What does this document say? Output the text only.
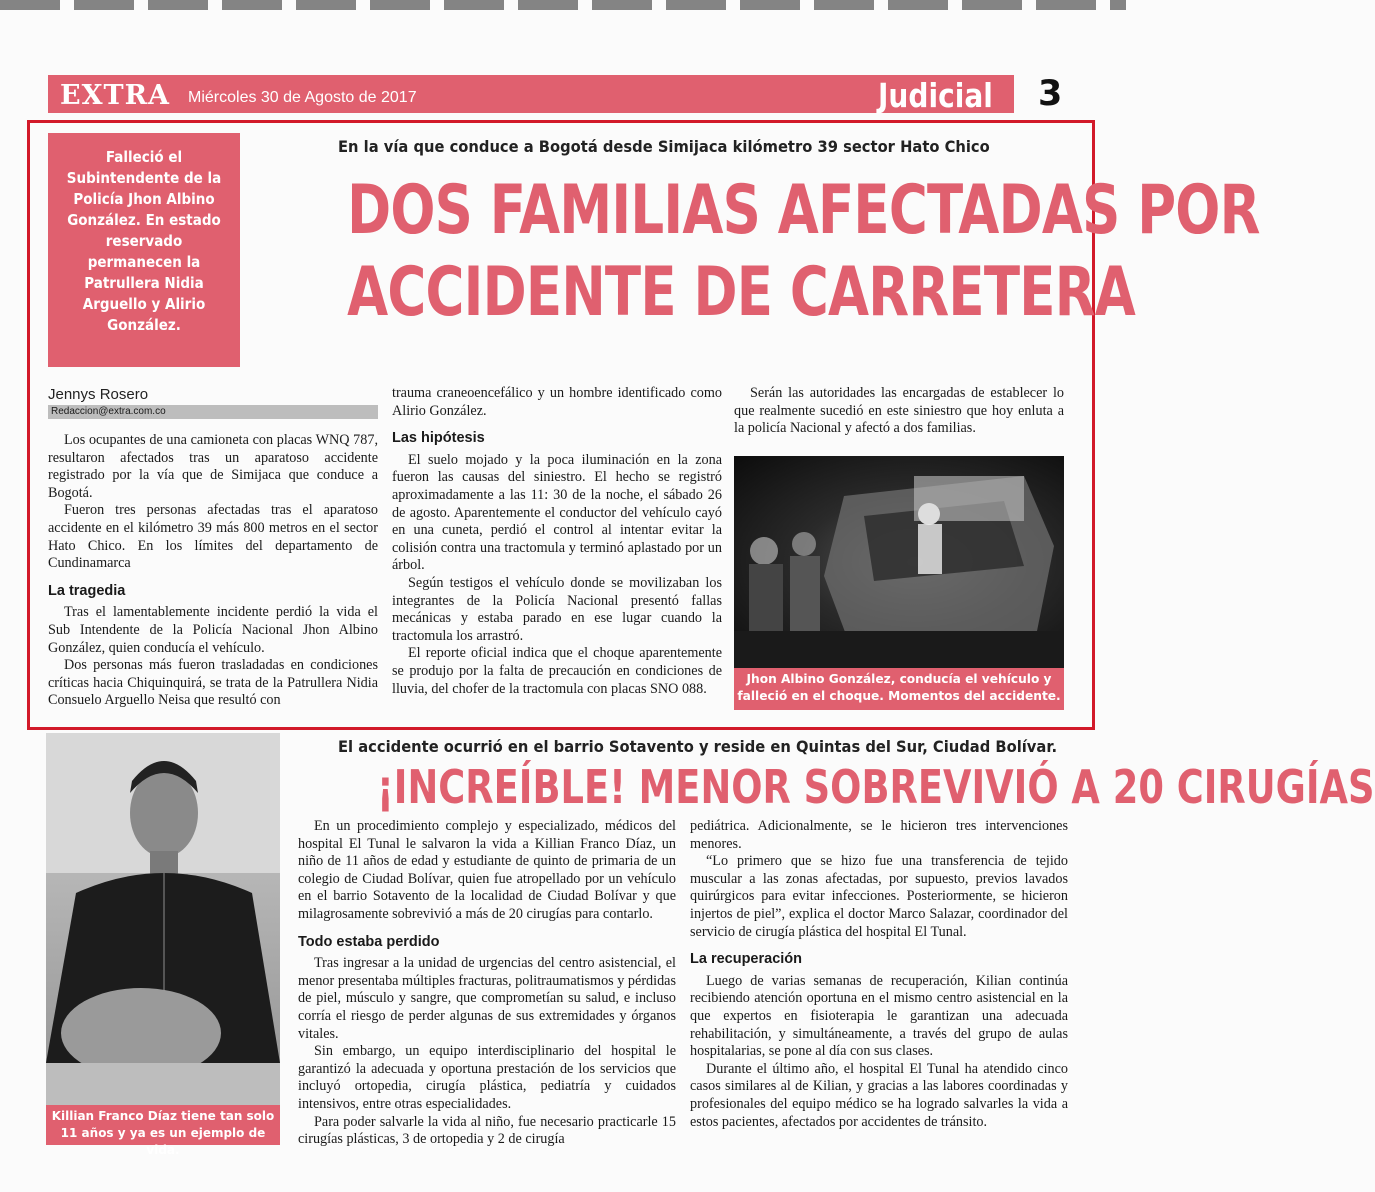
EXTRA Miércoles 30 de Agosto de 2017	Judicial 3
Falleció el Subintendente de la Policía Jhon Albino González. En estado reservado permanecen la Patrullera Nidia Arguello y Alirio González.
En la vía que conduce a Bogotá desde Simijaca kilómetro 39 sector Hato Chico
DOS FAMILIAS AFECTADAS POR
ACCIDENTE DE CARRETERA
Jennys Rosero
Redaccion@extra.com.co

Los ocupantes de una camioneta con placas WNQ 787, resultaron afectados tras un aparatoso accidente registrado por la vía que de Simijaca que conduce a Bogotá.

Fueron tres personas afectadas tras el aparatoso accidente en el kilómetro 39 más 800 metros en el sector Hato Chico. En los límites del departamento de Cundinamarca

La tragedia

Tras el lamentablemente incidente perdió la vida el Sub Intendente de la Policía Nacional Jhon Albino González, quien conducía el vehículo.

Dos personas más fueron trasladadas en condiciones críticas hacia Chiquinquirá, se trata de la Patrullera Nidia Consuelo Arguello Neisa que resultó con

trauma craneoencefálico y un hombre identificado como Alirio González.

Las hipótesis

El suelo mojado y la poca iluminación en la zona fueron las causas del siniestro. El hecho se registró aproximadamente a las 11: 30 de la noche, el sábado 26 de agosto. Aparentemente el conductor del vehículo cayó en una cuneta, perdió el control al intentar evitar la colisión contra una tractomula y terminó aplastado por un árbol.

Según testigos el vehículo donde se movilizaban los integrantes de la Policía Nacional presentó fallas mecánicas y estaba parado en ese lugar cuando la tractomula los arrastró.

El reporte oficial indica que el choque aparentemente se produjo por la falta de precaución en condiciones de lluvia, del chofer de la tractomula con placas SNO 088.

Serán las autoridades las encargadas de establecer lo que realmente sucedió en este siniestro que hoy enluta a la policía Nacional y afectó a dos familias.

Jhon Albino González, conducía el vehículo y falleció en el choque. Momentos del accidente.
Killian Franco Díaz tiene tan solo 11 años y ya es un ejemplo de vida.
El accidente ocurrió en el barrio Sotavento y reside en Quintas del Sur, Ciudad Bolívar.
¡INCREÍBLE! MENOR SOBREVIVIÓ A 20 CIRUGÍAS

En un procedimiento complejo y especializado, médicos del hospital El Tunal le salvaron la vida a Killian Franco Díaz, un niño de 11 años de edad y estudiante de quinto de primaria de un colegio de Ciudad Bolívar, quien fue atropellado por un vehículo en el barrio Sotavento de la localidad de Ciudad Bolívar y que milagrosamente sobrevivió a más de 20 cirugías para contarlo.

Todo estaba perdido

Tras ingresar a la unidad de urgencias del centro asistencial, el menor presentaba múltiples fracturas, politraumatismos y pérdidas de piel, músculo y sangre, que comprometían su salud, e incluso corría el riesgo de perder algunas de sus extremidades y órganos vitales.

Sin embargo, un equipo interdisciplinario del hospital le garantizó la adecuada y oportuna prestación de los servicios que incluyó ortopedia, cirugía plástica, pediatría y cuidados intensivos, entre otras especialidades.

Para poder salvarle la vida al niño, fue necesario practicarle 15 cirugías plásticas, 3 de ortopedia y 2 de cirugía

pediátrica. Adicionalmente, se le hicieron tres intervenciones menores.

“Lo primero que se hizo fue una transferencia de tejido muscular a las zonas afectadas, por supuesto, previos lavados quirúrgicos para evitar infecciones. Posteriormente, se hicieron injertos de piel”, explica el doctor Marco Salazar, coordinador del servicio de cirugía plástica del hospital El Tunal.

La recuperación

Luego de varias semanas de recuperación, Kilian continúa recibiendo atención oportuna en el mismo centro asistencial en la que expertos en fisioterapia le garantizan una adecuada rehabilitación, y simultáneamente, a través del grupo de aulas hospitalarias, se pone al día con sus clases.

Durante el último año, el hospital El Tunal ha atendido cinco casos similares al de Kilian, y gracias a las labores coordinadas y profesionales del equipo médico se ha logrado salvarles la vida a estos pacientes, afectados por accidentes de tránsito.
